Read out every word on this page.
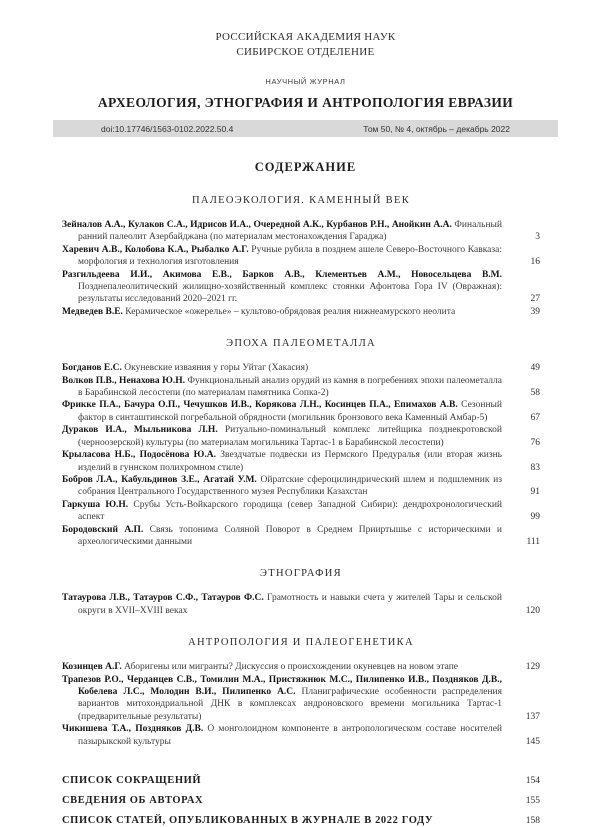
РОССИЙСКАЯ АКАДЕМИЯ НАУК
СИБИРСКОЕ ОТДЕЛЕНИЕ
НАУЧНЫЙ ЖУРНАЛ
АРХЕОЛОГИЯ, ЭТНОГРАФИЯ И АНТРОПОЛОГИЯ ЕВРАЗИИ
doi:10.17746/1563-0102.2022.50.4	Том 50, № 4, октябрь – декабрь 2022
СОДЕРЖАНИЕ
ПАЛЕОЭКОЛОГИЯ. КАМЕННЫЙ ВЕК
Зейналов А.А., Кулаков С.А., Идрисов И.А., Очередной А.К., Курбанов Р.Н., Анойкин А.А. Финальный ранний палеолит Азербайджана (по материалам местонахождения Гараджа)	3
Харевич А.В., Колобова К.А., Рыбалко А.Г. Ручные рубила в позднем ашеле Северо-Восточного Кавказа: морфология и технология изготовления	16
Разгильдеева И.И., Акимова Е.В., Барков А.В., Клементьев А.М., Новосельцева В.М. Позднепалеолитический жилищно-хозяйственный комплекс стоянки Афонтова Гора IV (Овражная): результаты исследований 2020–2021 гг.	27
Медведев В.Е. Керамическое «ожерелье» – культово-обрядовая реалия нижнеамурского неолита	39
ЭПОХА ПАЛЕОМЕТАЛЛА
Богданов Е.С. Окуневские изваяния у горы Уйтаг (Хакасия)	49
Волков П.В., Ненахова Ю.Н. Функциональный анализ орудий из камня в погребениях эпохи палеометалла в Барабинской лесостепи (по материалам памятника Сопка-2)	58
Фрикке П.А., Бачура О.П., Чечушков И.В., Корякова Л.Н., Косинцев П.А., Епимахов А.В. Сезонный фактор в синташтинской погребальной обрядности (могильник бронзового века Каменный Амбар-5)	67
Дураков И.А., Мыльникова Л.Н. Ритуально-поминальный комплекс литейщика позднекротовской (черноозерской) культуры (по материалам могильника Тартас-1 в Барабинской лесостепи)	76
Крыласова Н.Б., Подосёнова Ю.А. Звездчатые подвески из Пермского Предуралья (или вторая жизнь изделий в гуннском полихромном стиле)	83
Бобров Л.А., Кабульдинов З.Е., Агатай У.М. Ойратские сфероцилиндрический шлем и подшлемник из собрания Центрального Государственного музея Республики Казахстан	91
Гаркуша Ю.Н. Срубы Усть-Войкарского городища (север Западной Сибири): дендрохронологический аспект	99
Бородовский А.П. Связь топонима Соляной Поворот в Среднем Прииртышье с историческими и археологическими данными	111
ЭТНОГРАФИЯ
Татаурова Л.В., Татауров С.Ф., Татауров Ф.С. Грамотность и навыки счета у жителей Тары и сельской округи в XVII–XVIII веках	120
АНТРОПОЛОГИЯ И ПАЛЕОГЕНЕТИКА
Козинцев А.Г. Аборигены или мигранты? Дискуссия о происхождении окуневцев на новом этапе	129
Трапезов Р.О., Черданцев С.В., Томилин М.А., Пристяжнюк М.С., Пилипенко И.В., Поздняков Д.В., Кобелева Л.С., Молодин В.И., Пилипенко А.С. Планиграфические особенности распределения вариантов митохондриальной ДНК в комплексах андроновского времени могильника Тартас-1 (предварительные результаты)	137
Чикишева Т.А., Поздняков Д.В. О монголоидном компоненте в антропологическом составе носителей пазырыкской культуры	145
СПИСОК СОКРАЩЕНИЙ	154
СВЕДЕНИЯ ОБ АВТОРАХ	155
СПИСОК СТАТЕЙ, ОПУБЛИКОВАННЫХ В ЖУРНАЛЕ В 2022 ГОДУ	158
